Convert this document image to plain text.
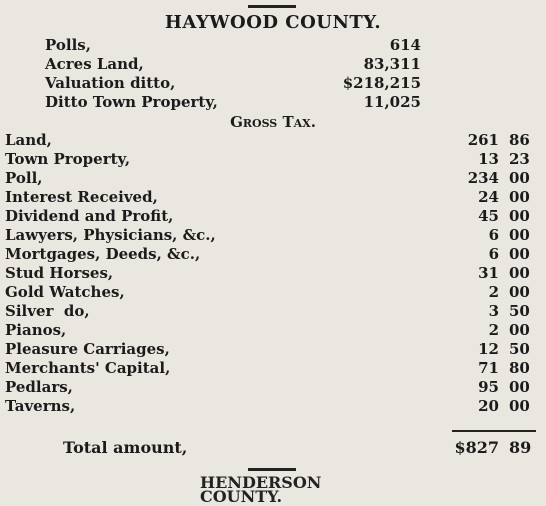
HAYWOOD COUNTY.
Polls,	614
Acres Land,	83,311
Valuation ditto,	$218,215
Ditto Town Property,	11,025
Gross Tax.
Land,	261 86
Town Property,	13 23
Poll,	234 00
Interest Received,	24 00
Dividend and Profit,	45 00
Lawyers, Physicians, &c.,	6 00
Mortgages, Deeds, &c.,	6 00
Stud Horses,	31 00
Gold Watches,	2 00
Silver  do,	3 50
Pianos,	2 00
Pleasure Carriages,	12 50
Merchants' Capital,	71 80
Pedlars,	95 00
Taverns,	20 00
Total amount,	$827 89
HENDERSON COUNTY.
